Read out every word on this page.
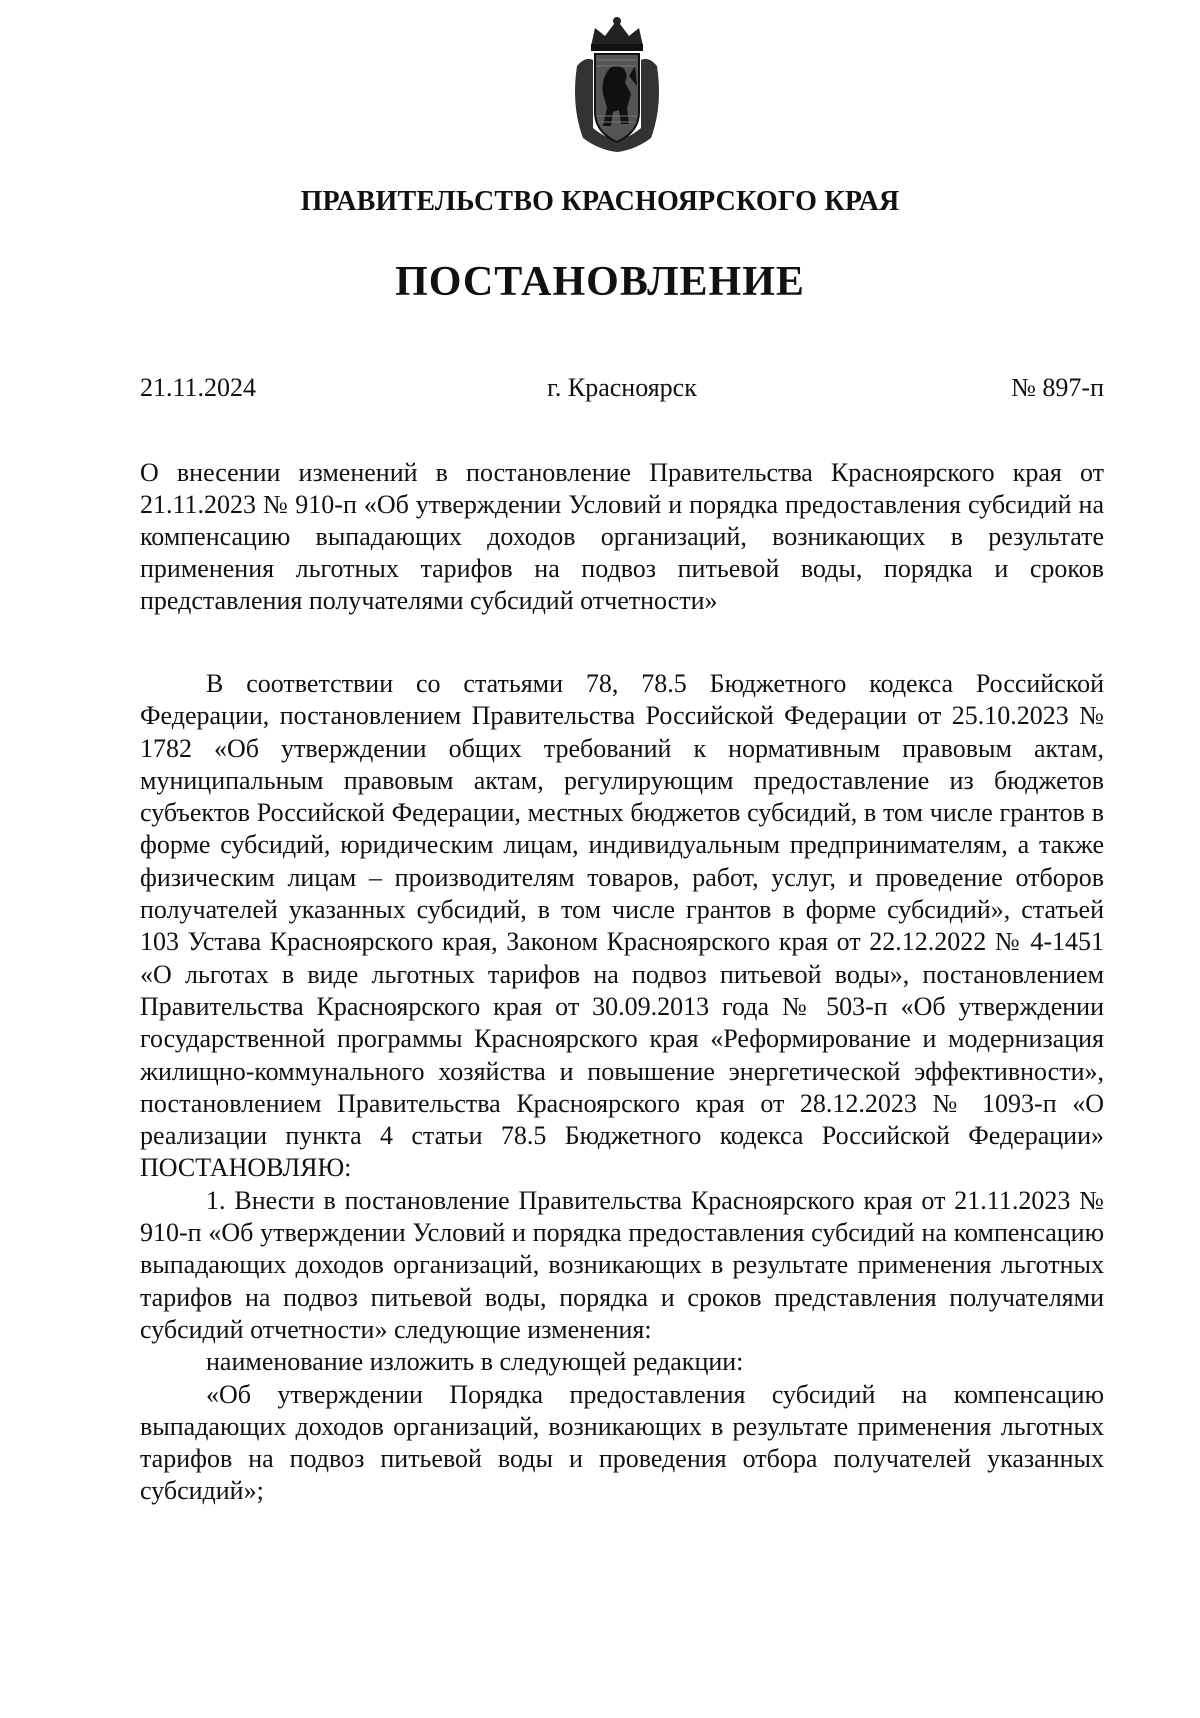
ПРАВИТЕЛЬСТВО КРАСНОЯРСКОГО КРАЯ
ПОСТАНОВЛЕНИЕ
21.11.2024	г. Красноярск	№ 897-п
О внесении изменений в постановление Правительства Красноярского края от 21.11.2023 № 910-п «Об утверждении Условий и порядка предоставления субсидий на компенсацию выпадающих доходов организаций, возникающих в результате применения льготных тарифов на подвоз питьевой воды, порядка и сроков представления получателями субсидий отчетности»

В соответствии со статьями 78, 78.5 Бюджетного кодекса Российской Федерации, постановлением Правительства Российской Федерации от 25.10.2023 № 1782 «Об утверждении общих требований к нормативным правовым актам, муниципальным правовым актам, регулирующим предоставление из бюджетов субъектов Российской Федерации, местных бюджетов субсидий, в том числе грантов в форме субсидий, юридическим лицам, индивидуальным предпринимателям, а также физическим лицам – производителям товаров, работ, услуг, и проведение отборов получателей указанных субсидий, в том числе грантов в форме субсидий», статьей 103 Устава Красноярского края, Законом Красноярского края от 22.12.2022 № 4-1451 «О льготах в виде льготных тарифов на подвоз питьевой воды», постановлением Правительства Красноярского края от 30.09.2013 года № 503-п «Об утверждении государственной программы Красноярского края «Реформирование и модернизация жилищно-коммунального хозяйства и повышение энергетической эффективности», постановлением Правительства Красноярского края от 28.12.2023 № 1093-п «О реализации пункта 4 статьи 78.5 Бюджетного кодекса Российской Федерации» ПОСТАНОВЛЯЮ:

1. Внести в постановление Правительства Красноярского края от 21.11.2023 № 910-п «Об утверждении Условий и порядка предоставления субсидий на компенсацию выпадающих доходов организаций, возникающих в результате применения льготных тарифов на подвоз питьевой воды, порядка и сроков представления получателями субсидий отчетности» следующие изменения:

наименование изложить в следующей редакции:

«Об утверждении Порядка предоставления субсидий на компенсацию выпадающих доходов организаций, возникающих в результате применения льготных тарифов на подвоз питьевой воды и проведения отбора получателей указанных субсидий»;
